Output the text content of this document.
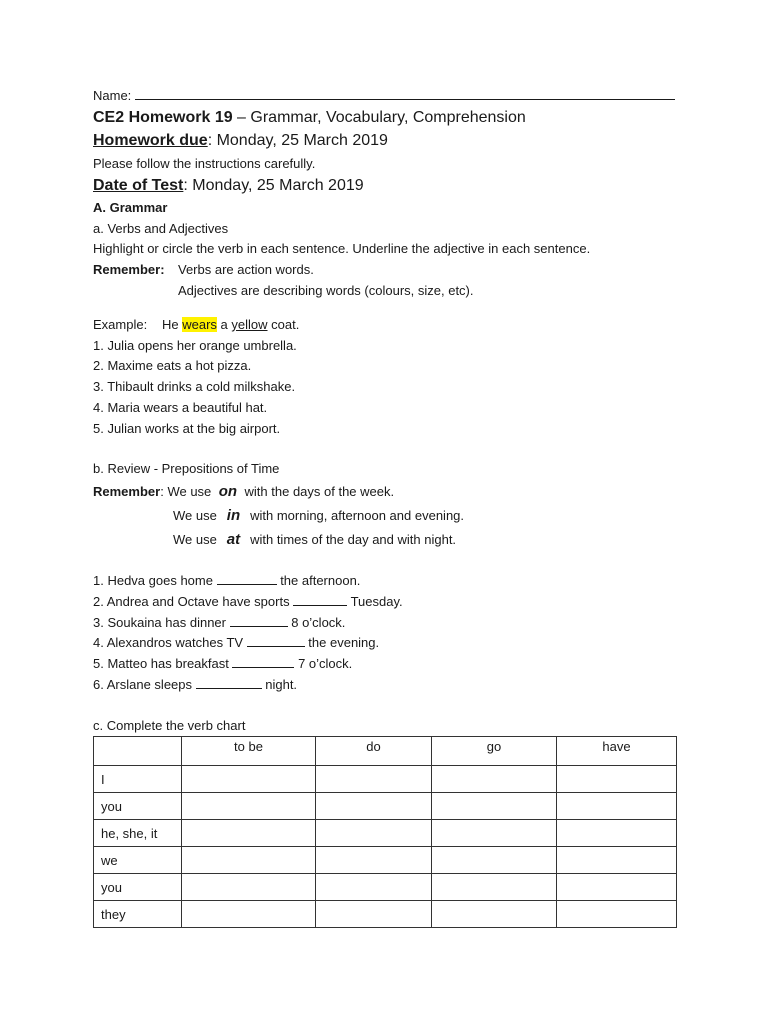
Name:
CE2 Homework 19 – Grammar, Vocabulary, Comprehension
Homework due: Monday, 25 March 2019
Please follow the instructions carefully.
Date of Test: Monday, 25 March 2019
A. Grammar
a. Verbs and Adjectives
Highlight or circle the verb in each sentence. Underline the adjective in each sentence.
Remember: Verbs are action words.
Adjectives are describing words (colours, size, etc).
Example: He wears a yellow coat.
1. Julia opens her orange umbrella.
2. Maxime eats a hot pizza.
3. Thibault drinks a cold milkshake.
4. Maria wears a beautiful hat.
5. Julian works at the big airport.
b. Review - Prepositions of Time
Remember: We use on with the days of the week.
We use in with morning, afternoon and evening.
We use at with times of the day and with night.
1. Hedva goes home	the afternoon.
2. Andrea and Octave have sports	Tuesday.
3. Soukaina has dinner	8 o’clock.
4. Alexandros watches TV	the evening.
5. Matteo has breakfast	7 o’clock.
6. Arslane sleeps	night.
c. Complete the verb chart
	to be	do	go	have
I				
you				
he, she, it				
we				
you				
they				
